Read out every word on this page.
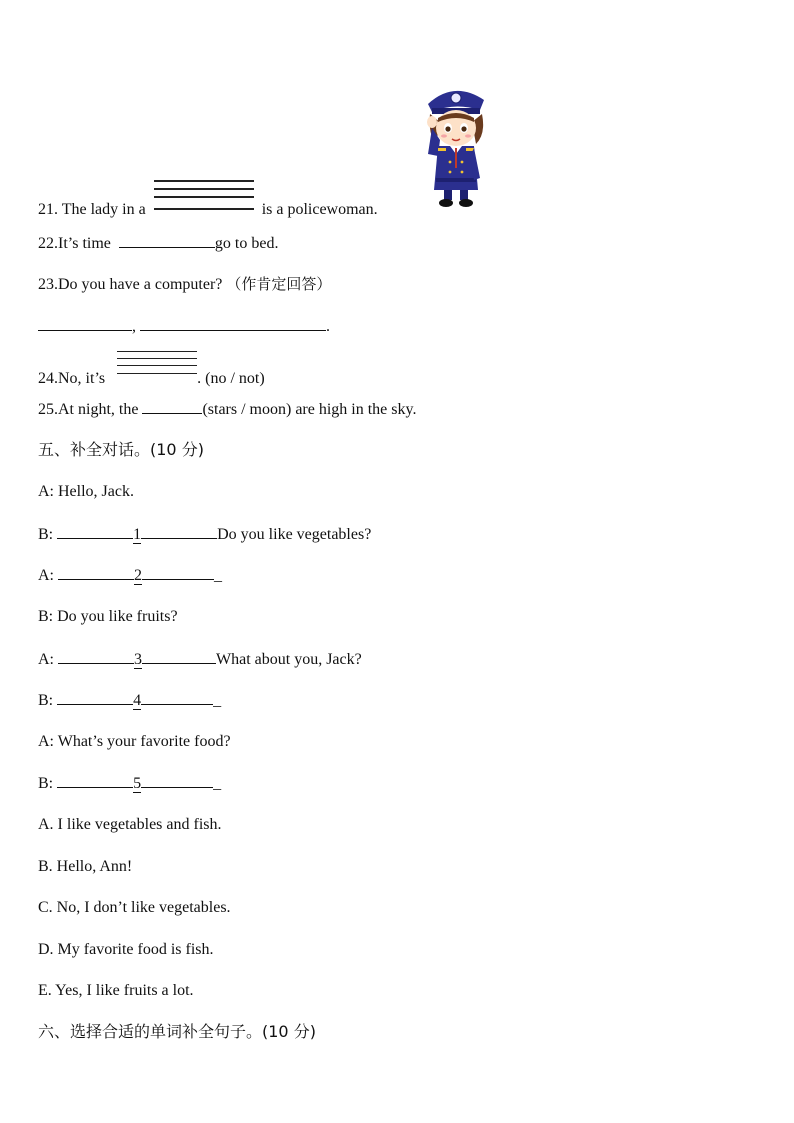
21. The lady in a	is a policewoman.
22.It’s time	go to bed.
23.Do you have a computer? （作肯定回答）
,	.
24.No, it’s	. (no / not)
25.At night, the	(stars / moon) are high in the sky.
五、补全对话。(10 分)
A: Hello, Jack.
B:	1	Do you like vegetables?
A:	2	_
B: Do you like fruits?
A:	3	What about you, Jack?
B:	4	_
A: What’s your favorite food?
B:	5	_
A. I like vegetables and fish.
B. Hello, Ann!
C. No, I don’t like vegetables.
D. My favorite food is fish.
E. Yes, I like fruits a lot.
六、选择合适的单词补全句子。(10 分)
